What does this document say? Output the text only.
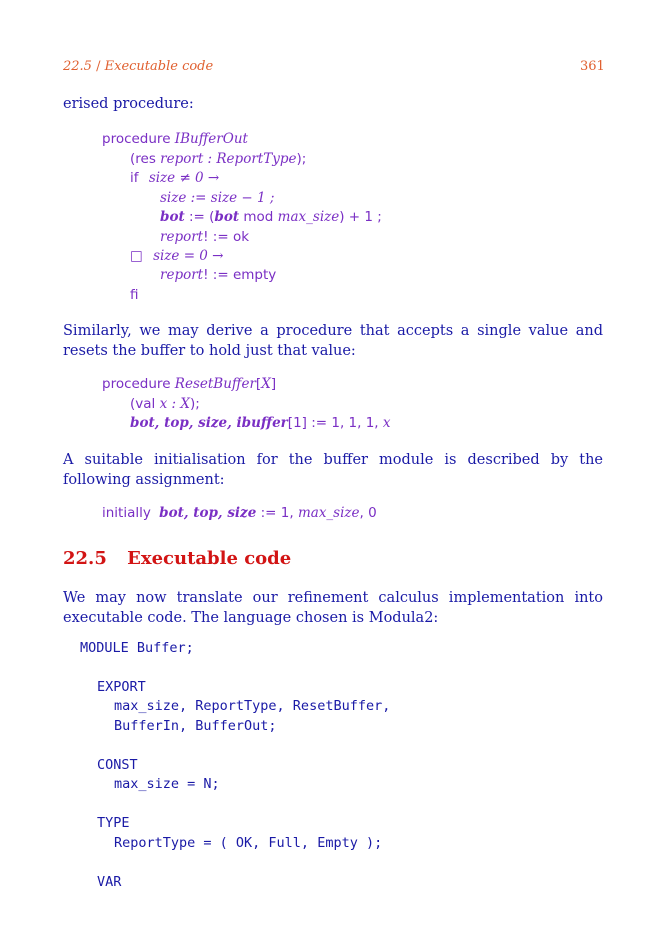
22.5 / Executable code	361
erised procedure:
procedure IBufferOut
(res report : ReportType);
if size ≠ 0 →
size := size − 1 ;
bot := (bot mod max_size) + 1 ;
report! := ok
□ size = 0 →
report! := empty
fi
Similarly, we may derive a procedure that accepts a single value and resets the buffer to hold just that value:
procedure ResetBuffer[X]
(val x : X);
bot, top, size, ibuffer[1] := 1, 1, 1, x
A suitable initialisation for the buffer module is described by the following assignment:
initially bot, top, size := 1, max_size, 0
22.5 Executable code
We may now translate our refinement calculus implementation into executable code. The language chosen is Modula2:
MODULE Buffer;
EXPORT
max_size, ReportType, ResetBuffer,
BufferIn, BufferOut;
CONST
max_size = N;
TYPE
ReportType = ( OK, Full, Empty );
VAR
